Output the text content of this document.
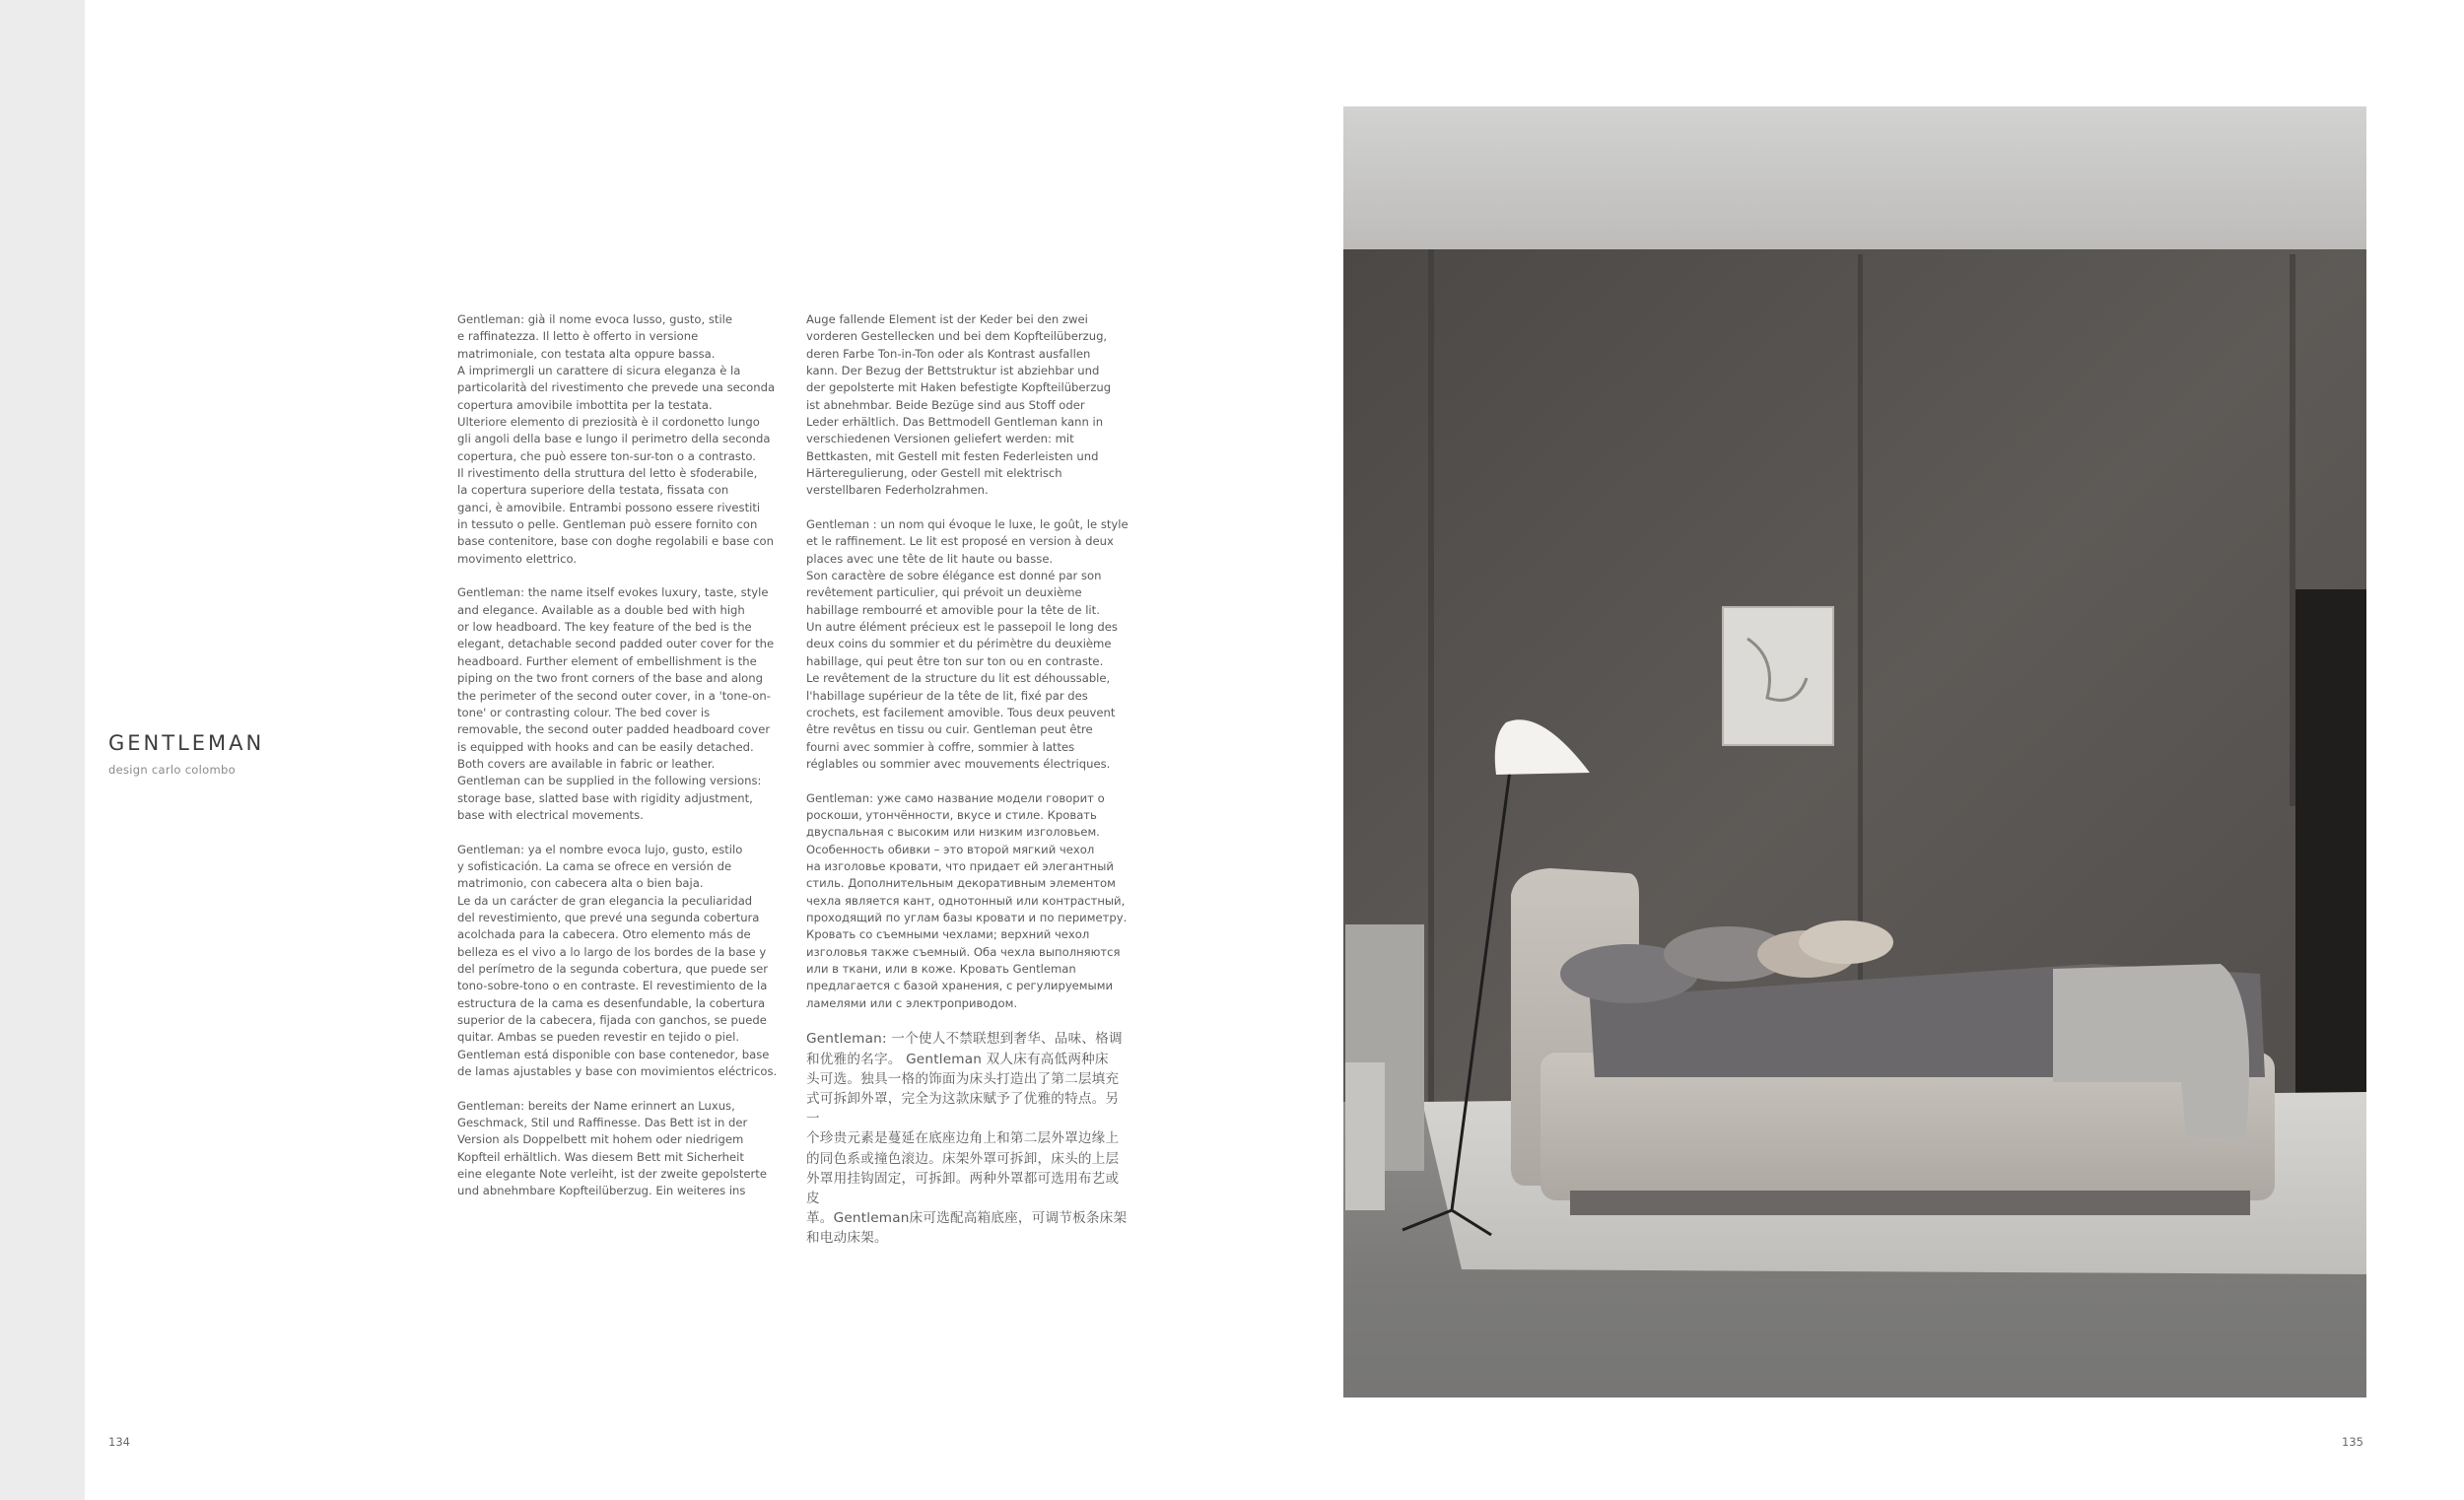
GENTLEMAN
design carlo colombo
Gentleman: già il nome evoca lusso, gusto, stile
e raffinatezza. Il letto è offerto in versione
matrimoniale, con testata alta oppure bassa.
A imprimergli un carattere di sicura eleganza è la
particolarità del rivestimento che prevede una seconda
copertura amovibile imbottita per la testata.
Ulteriore elemento di preziosità è il cordonetto lungo
gli angoli della base e lungo il perimetro della seconda
copertura, che può essere ton-sur-ton o a contrasto.
Il rivestimento della struttura del letto è sfoderabile,
la copertura superiore della testata, fissata con
ganci, è amovibile. Entrambi possono essere rivestiti
in tessuto o pelle. Gentleman può essere fornito con
base contenitore, base con doghe regolabili e base con
movimento elettrico.
Gentleman: the name itself evokes luxury, taste, style
and elegance. Available as a double bed with high
or low headboard. The key feature of the bed is the
elegant, detachable second padded outer cover for the
headboard. Further element of embellishment is the
piping on the two front corners of the base and along
the perimeter of the second outer cover, in a 'tone-on-
tone' or contrasting colour. The bed cover is
removable, the second outer padded headboard cover
is equipped with hooks and can be easily detached.
Both covers are available in fabric or leather.
Gentleman can be supplied in the following versions:
storage base, slatted base with rigidity adjustment,
base with electrical movements.
Gentleman: ya el nombre evoca lujo, gusto, estilo
y sofisticación. La cama se ofrece en versión de
matrimonio, con cabecera alta o bien baja.
Le da un carácter de gran elegancia la peculiaridad
del revestimiento, que prevé una segunda cobertura
acolchada para la cabecera. Otro elemento más de
belleza es el vivo a lo largo de los bordes de la base y
del perímetro de la segunda cobertura, que puede ser
tono-sobre-tono o en contraste. El revestimiento de la
estructura de la cama es desenfundable, la cobertura
superior de la cabecera, fijada con ganchos, se puede
quitar. Ambas se pueden revestir en tejido o piel.
Gentleman está disponible con base contenedor, base
de lamas ajustables y base con movimientos eléctricos.
Gentleman: bereits der Name erinnert an Luxus,
Geschmack, Stil und Raffinesse. Das Bett ist in der
Version als Doppelbett mit hohem oder niedrigem
Kopfteil erhältlich. Was diesem Bett mit Sicherheit
eine elegante Note verleiht, ist der zweite gepolsterte
und abnehmbare Kopfteilüberzug. Ein weiteres ins
Auge fallende Element ist der Keder bei den zwei
vorderen Gestellecken und bei dem Kopfteilüberzug,
deren Farbe Ton-in-Ton oder als Kontrast ausfallen
kann. Der Bezug der Bettstruktur ist abziehbar und
der gepolsterte mit Haken befestigte Kopfteilüberzug
ist abnehmbar. Beide Bezüge sind aus Stoff oder
Leder erhältlich. Das Bettmodell Gentleman kann in
verschiedenen Versionen geliefert werden: mit
Bettkasten, mit Gestell mit festen Federleisten und
Härteregulierung, oder Gestell mit elektrisch
verstellbaren Federholzrahmen.
Gentleman : un nom qui évoque le luxe, le goût, le style
et le raffinement. Le lit est proposé en version à deux
places avec une tête de lit haute ou basse.
Son caractère de sobre élégance est donné par son
revêtement particulier, qui prévoit un deuxième
habillage rembourré et amovible pour la tête de lit.
Un autre élément précieux est le passepoil le long des
deux coins du sommier et du périmètre du deuxième
habillage, qui peut être ton sur ton ou en contraste.
Le revêtement de la structure du lit est déhoussable,
l'habillage supérieur de la tête de lit, fixé par des
crochets, est facilement amovible. Tous deux peuvent
être revêtus en tissu ou cuir. Gentleman peut être
fourni avec sommier à coffre, sommier à lattes
réglables ou sommier avec mouvements électriques.
Gentleman: уже само название модели говорит о
роскоши, утончённости, вкусе и стиле. Кровать
двуспальная с высоким или низким изголовьем.
Особенность обивки – это второй мягкий чехол
на изголовье кровати, что придает ей элегантный
стиль. Дополнительным декоративным элементом
чехла является кант, однотонный или контрастный,
проходящий по углам базы кровати и по периметру.
Кровать со съемными чехлами; верхний чехол
изголовья также съемный. Оба чехла выполняются
или в ткани, или в коже. Кровать Gentleman
предлагается с базой хранения, с регулируемыми
ламелями или с электроприводом.
Gentleman: 一个使人不禁联想到奢华、品味、格调
和优雅的名字。 Gentleman 双人床有高低两种床
头可选。独具一格的饰面为床头打造出了第二层填充
式可拆卸外罩，完全为这款床赋予了优雅的特点。另一
个珍贵元素是蔓延在底座边角上和第二层外罩边缘上
的同色系或撞色滚边。床架外罩可拆卸，床头的上层
外罩用挂钩固定，可拆卸。两种外罩都可选用布艺或皮
革。Gentleman床可选配高箱底座，可调节板条床架
和电动床架。
134	135
